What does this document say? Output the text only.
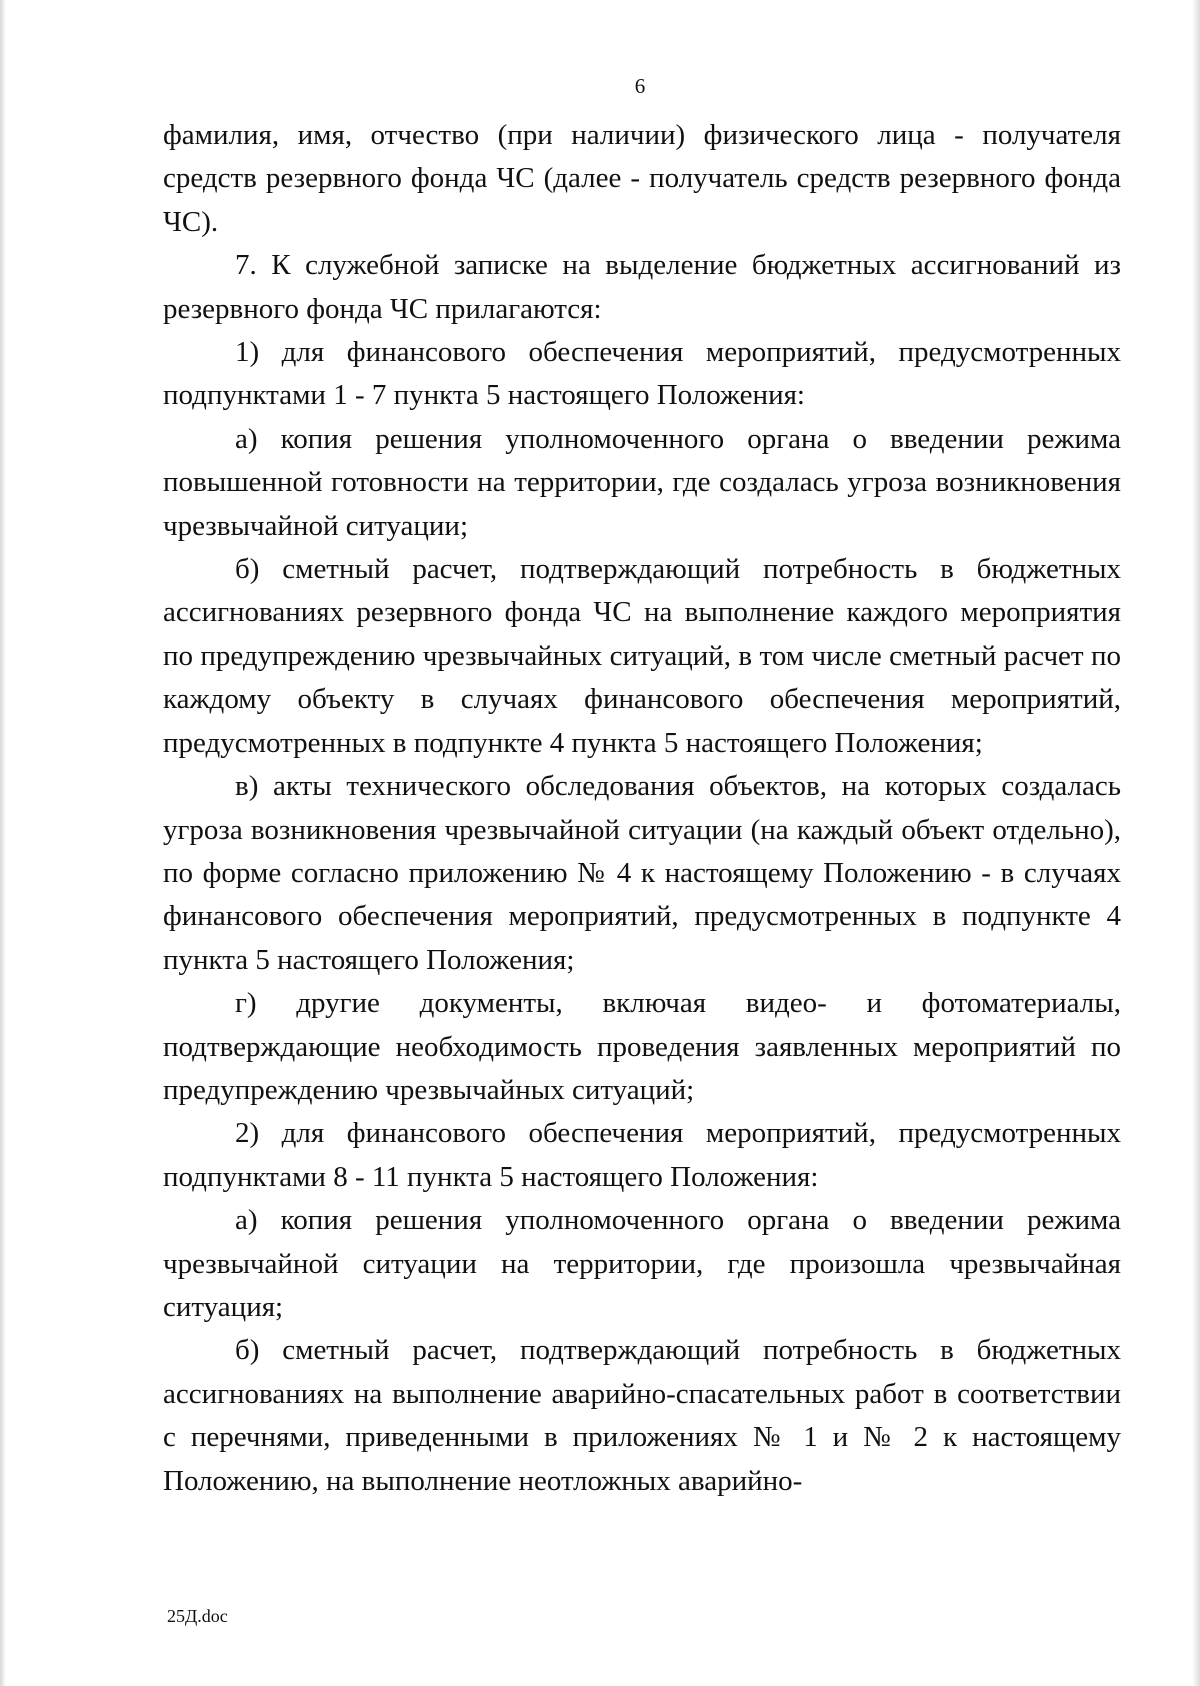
6

фамилия, имя, отчество (при наличии) физического лица - получателя средств резервного фонда ЧС (далее - получатель средств резервного фонда ЧС).

7. К служебной записке на выделение бюджетных ассигнований из резервного фонда ЧС прилагаются:

1) для финансового обеспечения мероприятий, предусмотренных подпунктами 1 - 7 пункта 5 настоящего Положения:

а) копия решения уполномоченного органа о введении режима повышенной готовности на территории, где создалась угроза возникновения чрезвычайной ситуации;

б) сметный расчет, подтверждающий потребность в бюджетных ассигнованиях резервного фонда ЧС на выполнение каждого мероприятия по предупреждению чрезвычайных ситуаций, в том числе сметный расчет по каждому объекту в случаях финансового обеспечения мероприятий, предусмотренных в подпункте 4 пункта 5 настоящего Положения;

в) акты технического обследования объектов, на которых создалась угроза возникновения чрезвычайной ситуации (на каждый объект отдельно), по форме согласно приложению № 4 к настоящему Положению - в случаях финансового обеспечения мероприятий, предусмотренных в подпункте 4 пункта 5 настоящего Положения;

г) другие документы, включая видео- и фотоматериалы, подтверждающие необходимость проведения заявленных мероприятий по предупреждению чрезвычайных ситуаций;

2) для финансового обеспечения мероприятий, предусмотренных подпунктами 8 - 11 пункта 5 настоящего Положения:

а) копия решения уполномоченного органа о введении режима чрезвычайной ситуации на территории, где произошла чрезвычайная ситуация;

б) сметный расчет, подтверждающий потребность в бюджетных ассигнованиях на выполнение аварийно-спасательных работ в соответствии с перечнями, приведенными в приложениях № 1 и № 2 к настоящему Положению, на выполнение неотложных аварийно-

25Д.doc
